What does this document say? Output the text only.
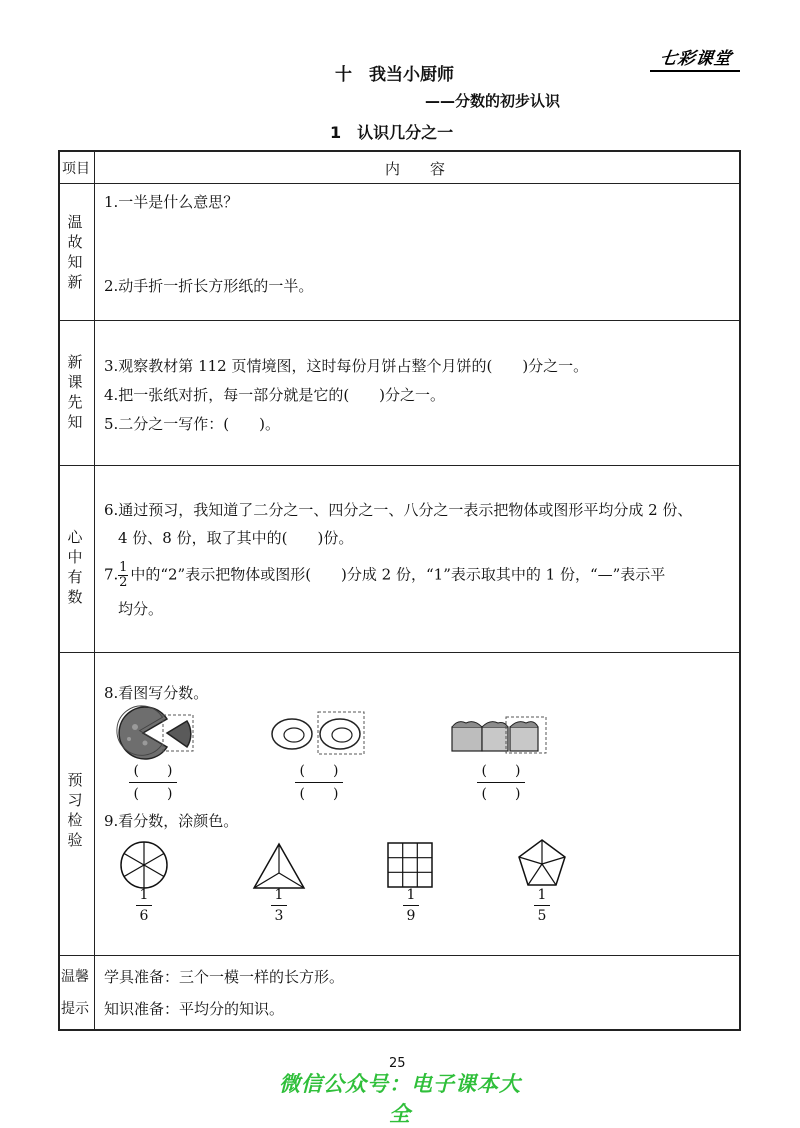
七彩课堂
十　我当小厨师
——分数的初步认识
1　认识几分之一
项目	内　　容
温故知新
1.一半是什么意思？
2.动手折一折长方形纸的一半。
新课先知
3.观察教材第 112 页情境图，这时每份月饼占整个月饼的(　　)分之一。
4.把一张纸对折，每一部分就是它的(　　)分之一。
5.二分之一写作：(　　)。
心中有数
6.通过预习，我知道了二分之一、四分之一、八分之一表示把物体或图形平均分成 2 份、
4 份、8 份，取了其中的(　　)份。
$7.\frac{1}{2}$ 中的“2”表示把物体或图形(　　)分成 2 份，“1”表示取其中的 1 份，“—”表示平
均分。
预习检验
8.看图写分数。
(　　)
(　　)
(　　)
(　　)
(　　)
(　　)
9.看分数，涂颜色。
1
6
1
3
1
9
1
5
温馨
提示
学具准备：三个一模一样的长方形。
知识准备：平均分的知识。
25
微信公众号：电子课本大全
